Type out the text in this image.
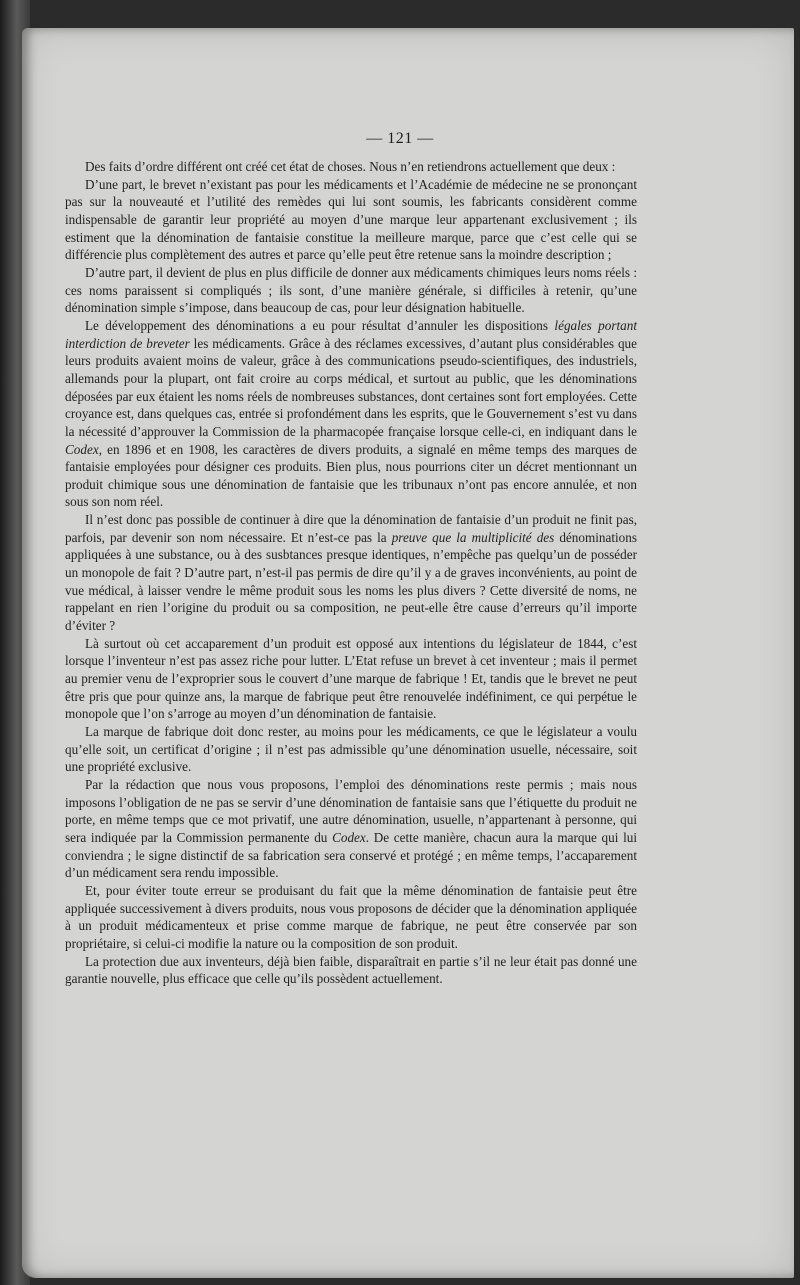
— 121 —

Des faits d’ordre différent ont créé cet état de choses. Nous n’en retiendrons actuellement que deux :

D’une part, le brevet n’existant pas pour les médicaments et l’Académie de médecine ne se prononçant pas sur la nouveauté et l’utilité des remèdes qui lui sont soumis, les fabricants considèrent comme indispensable de garantir leur propriété au moyen d’une marque leur appartenant exclusivement ; ils estiment que la dénomination de fantaisie constitue la meilleure marque, parce que c’est celle qui se différencie plus complètement des autres et parce qu’elle peut être retenue sans la moindre description ;

D’autre part, il devient de plus en plus difficile de donner aux médicaments chimiques leurs noms réels : ces noms paraissent si compliqués ; ils sont, d’une manière générale, si difficiles à retenir, qu’une dénomination simple s’impose, dans beaucoup de cas, pour leur désignation habituelle.

Le développement des dénominations a eu pour résultat d’annuler les dispositions légales portant interdiction de breveter les médicaments. Grâce à des réclames excessives, d’autant plus considérables que leurs produits avaient moins de valeur, grâce à des communications pseudo-scientifiques, des industriels, allemands pour la plupart, ont fait croire au corps médical, et surtout au public, que les dénominations déposées par eux étaient les noms réels de nombreuses substances, dont certaines sont fort employées. Cette croyance est, dans quelques cas, entrée si profondément dans les esprits, que le Gouvernement s’est vu dans la nécessité d’approuver la Commission de la pharmacopée française lorsque celle-ci, en indiquant dans le Codex, en 1896 et en 1908, les caractères de divers produits, a signalé en même temps des marques de fantaisie employées pour désigner ces produits. Bien plus, nous pourrions citer un décret mentionnant un produit chimique sous une dénomination de fantaisie que les tribunaux n’ont pas encore annulée, et non sous son nom réel.

Il n’est donc pas possible de continuer à dire que la dénomination de fantaisie d’un produit ne finit pas, parfois, par devenir son nom nécessaire. Et n’est-ce pas la preuve que la multiplicité des dénominations appliquées à une substance, ou à des susbtances presque identiques, n’empêche pas quelqu’un de posséder un monopole de fait ? D’autre part, n’est-il pas permis de dire qu’il y a de graves inconvénients, au point de vue médical, à laisser vendre le même produit sous les noms les plus divers ? Cette diversité de noms, ne rappelant en rien l’origine du produit ou sa composition, ne peut-elle être cause d’erreurs qu’il importe d’éviter ?

Là surtout où cet accaparement d’un produit est opposé aux intentions du législateur de 1844, c’est lorsque l’inventeur n’est pas assez riche pour lutter. L’Etat refuse un brevet à cet inventeur ; mais il permet au premier venu de l’exproprier sous le couvert d’une marque de fabrique ! Et, tandis que le brevet ne peut être pris que pour quinze ans, la marque de fabrique peut être renouvelée indéfiniment, ce qui perpétue le monopole que l’on s’arroge au moyen d’un dénomination de fantaisie.

La marque de fabrique doit donc rester, au moins pour les médicaments, ce que le législateur a voulu qu’elle soit, un certificat d’origine ; il n’est pas admissible qu’une dénomination usuelle, nécessaire, soit une propriété exclusive.

Par la rédaction que nous vous proposons, l’emploi des dénominations reste permis ; mais nous imposons l’obligation de ne pas se servir d’une dénomination de fantaisie sans que l’étiquette du produit ne porte, en même temps que ce mot privatif, une autre dénomination, usuelle, n’appartenant à personne, qui sera indiquée par la Commission permanente du Codex. De cette manière, chacun aura la marque qui lui conviendra ; le signe distinctif de sa fabrication sera conservé et protégé ; en même temps, l’accaparement d’un médicament sera rendu impossible.

Et, pour éviter toute erreur se produisant du fait que la même dénomination de fantaisie peut être appliquée successivement à divers produits, nous vous proposons de décider que la dénomination appliquée à un produit médicamenteux et prise comme marque de fabrique, ne peut être conservée par son propriétaire, si celui-ci modifie la nature ou la composition de son produit.

La protection due aux inventeurs, déjà bien faible, disparaîtrait en partie s’il ne leur était pas donné une garantie nouvelle, plus efficace que celle qu’ils possèdent actuellement.
